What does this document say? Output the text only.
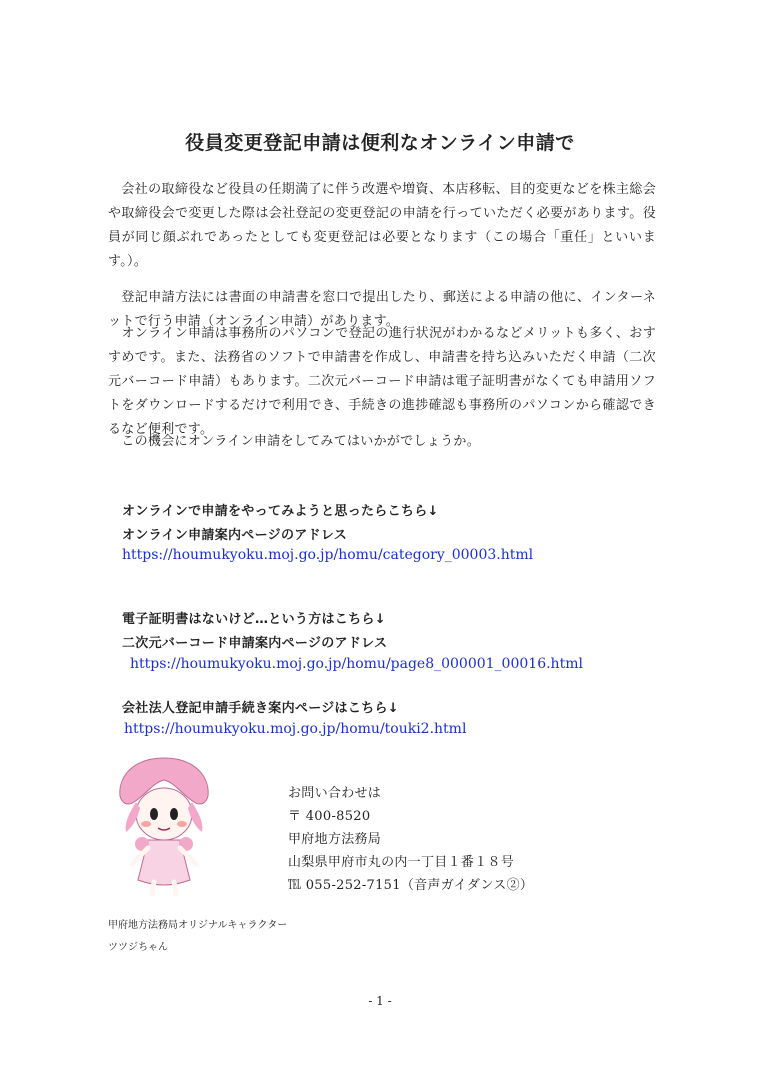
役員変更登記申請は便利なオンライン申請で
　会社の取締役など役員の任期満了に伴う改選や増資、本店移転、目的変更などを株主総会や取締役会で変更した際は会社登記の変更登記の申請を行っていただく必要があります。役員が同じ顔ぶれであったとしても変更登記は必要となります（この場合「重任」といいます。）。
　登記申請方法には書面の申請書を窓口で提出したり、郵送による申請の他に、インターネットで行う申請（オンライン申請）があります。
　オンライン申請は事務所のパソコンで登記の進行状況がわかるなどメリットも多く、おすすめです。また、法務省のソフトで申請書を作成し、申請書を持ち込みいただく申請（二次元バーコード申請）もあります。二次元バーコード申請は電子証明書がなくても申請用ソフトをダウンロードするだけで利用でき、手続きの進捗確認も事務所のパソコンから確認できるなど便利です。
　この機会にオンライン申請をしてみてはいかがでしょうか。
オンラインで申請をやってみようと思ったらこちら↓
オンライン申請案内ページのアドレス
https://houmukyoku.moj.go.jp/homu/category_00003.html
電子証明書はないけど…という方はこちら↓
二次元バーコード申請案内ページのアドレス
https://houmukyoku.moj.go.jp/homu/page8_000001_00016.html
会社法人登記申請手続き案内ページはこちら↓
https://houmukyoku.moj.go.jp/homu/touki2.html
お問い合わせは
〒 400-8520
甲府地方法務局
山梨県甲府市丸の内一丁目１番１８号
℡ 055-252-7151（音声ガイダンス②）
甲府地方法務局オリジナルキャラクター
ツツジちゃん
- 1 -
